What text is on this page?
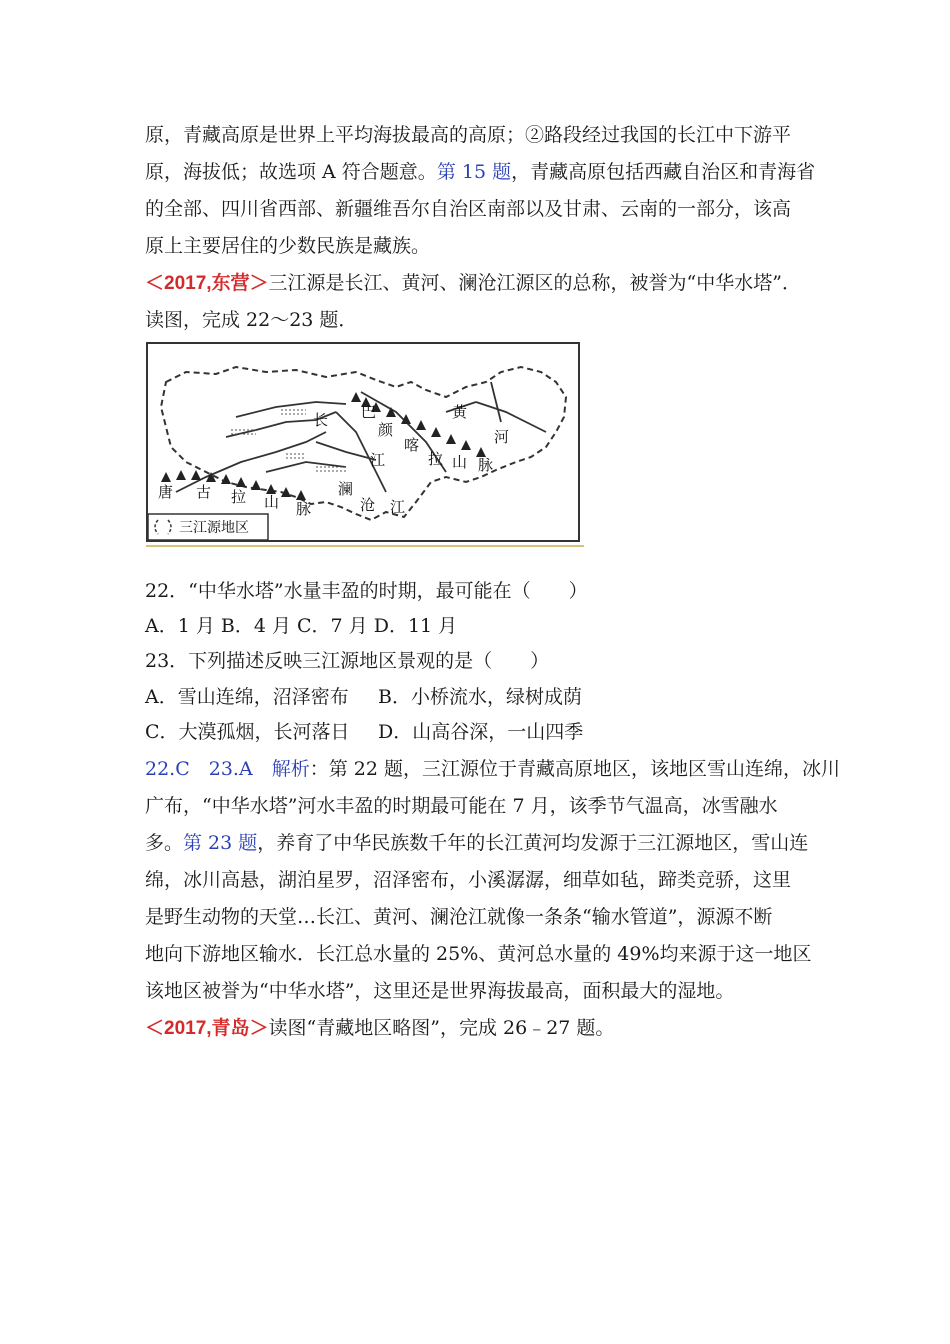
原，青藏高原是世界上平均海拔最高的高原；②路段经过我国的长江中下游平
原，海拔低；故选项 A 符合题意。第 15 题，青藏高原包括西藏自治区和青海省
的全部、四川省西部、新疆维吾尔自治区南部以及甘肃、云南的一部分，该高
原上主要居住的少数民族是藏族。
＜2017,东营＞三江源是长江、黄河、澜沧江源区的总称，被誉为“中华水塔”．
读图，完成 22～23 题．
长
江
巴
颜
喀
拉 山 脉
黄
河
唐 古 拉 山 脉
澜
沧 江
三江源地区
22．“中华水塔”水量丰盈的时期，最可能在（　　）
A．1 月 B．4 月 C．7 月 D．11 月
23．下列描述反映三江源地区景观的是（　　）
A．雪山连绵，沼泽密布 B．小桥流水，绿树成荫
C．大漠孤烟，长河落日 D．山高谷深，一山四季
22.C　23.A　解析：第 22 题，三江源位于青藏高原地区，该地区雪山连绵，冰川
广布，“中华水塔”河水丰盈的时期最可能在 7 月，该季节气温高，冰雪融水
多。第 23 题，养育了中华民族数千年的长江黄河均发源于三江源地区，雪山连
绵，冰川高悬，湖泊星罗，沼泽密布，小溪潺潺，细草如毡，蹄类竞骄，这里
是野生动物的天堂…长江、黄河、澜沧江就像一条条“输水管道”，源源不断
地向下游地区输水．长江总水量的 25%、黄河总水量的 49%均来源于这一地区
该地区被誉为“中华水塔”，这里还是世界海拔最高，面积最大的湿地。
＜2017,青岛＞读图“青藏地区略图”，完成 26﹣27 题。
